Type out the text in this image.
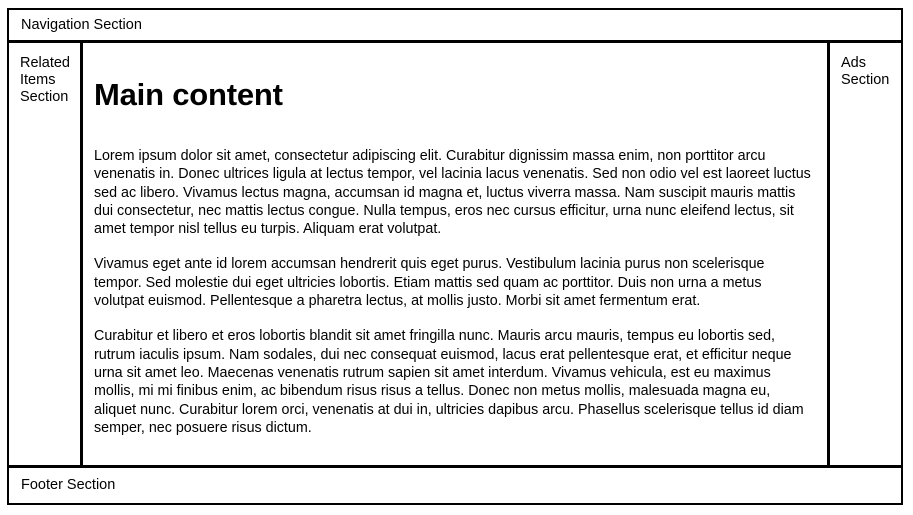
Navigation Section
Related Items Section Main content

Lorem ipsum dolor sit amet, consectetur adipiscing elit. Curabitur dignissim massa enim, non porttitor arcu venenatis in. Donec ultrices ligula at lectus tempor, vel lacinia lacus venenatis. Sed non odio vel est laoreet luctus sed ac libero. Vivamus lectus magna, accumsan id magna et, luctus viverra massa. Nam suscipit mauris mattis dui consectetur, nec mattis lectus congue. Nulla tempus, eros nec cursus efficitur, urna nunc eleifend lectus, sit amet tempor nisl tellus eu turpis. Aliquam erat volutpat.

Vivamus eget ante id lorem accumsan hendrerit quis eget purus. Vestibulum lacinia purus non scelerisque tempor. Sed molestie dui eget ultricies lobortis. Etiam mattis sed quam ac porttitor. Duis non urna a metus volutpat euismod. Pellentesque a pharetra lectus, at mollis justo. Morbi sit amet fermentum erat.

Curabitur et libero et eros lobortis blandit sit amet fringilla nunc. Mauris arcu mauris, tempus eu lobortis sed, rutrum iaculis ipsum. Nam sodales, dui nec consequat euismod, lacus erat pellentesque erat, et efficitur neque urna sit amet leo. Maecenas venenatis rutrum sapien sit amet interdum. Vivamus vehicula, est eu maximus mollis, mi mi finibus enim, ac bibendum risus risus a tellus. Donec non metus mollis, malesuada magna eu, aliquet nunc. Curabitur lorem orci, venenatis at dui in, ultricies dapibus arcu. Phasellus scelerisque tellus id diam semper, nec posuere risus dictum.

Ads Section
Footer Section
